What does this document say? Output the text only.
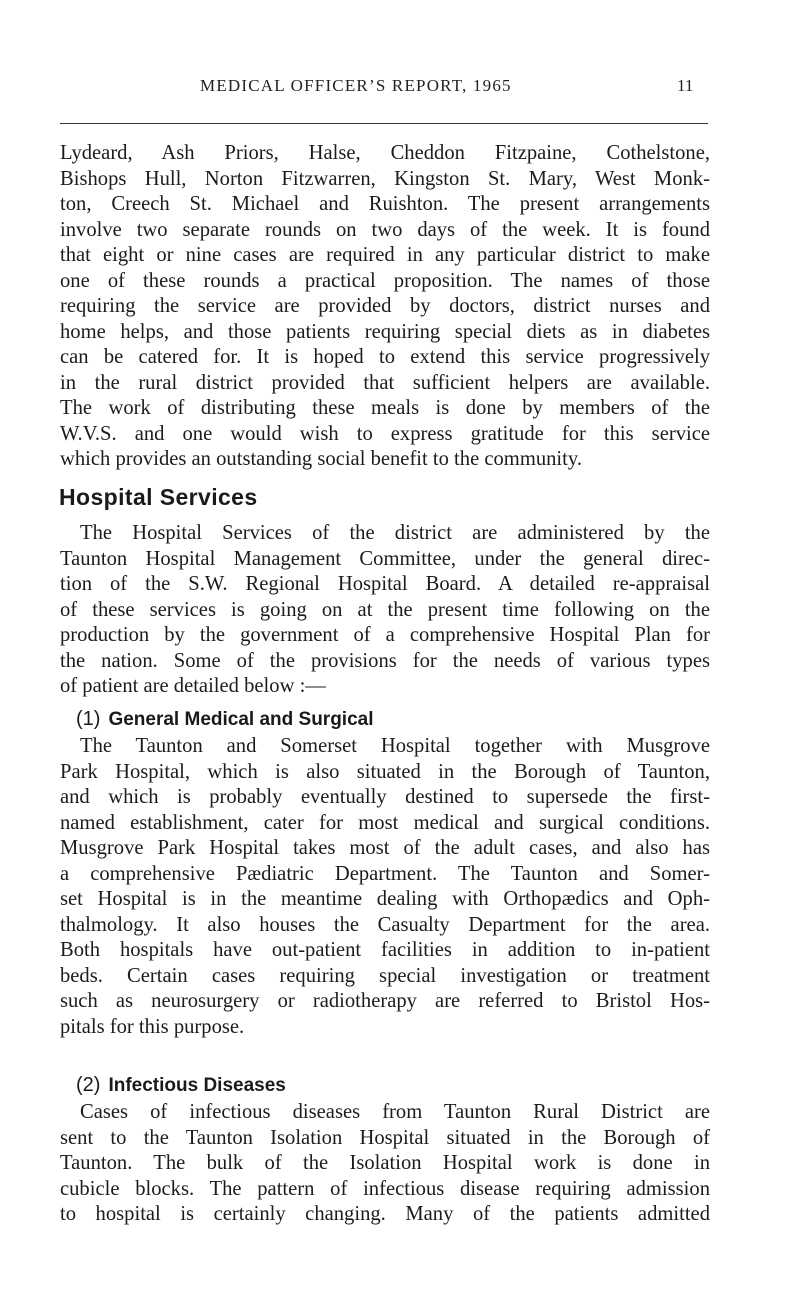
MEDICAL OFFICER’S REPORT, 1965	11
Lydeard, Ash Priors, Halse, Cheddon Fitzpaine, Cothelstone,
Bishops Hull, Norton Fitzwarren, Kingston St. Mary, West Monk-
ton, Creech St. Michael and Ruishton. The present arrangements
involve two separate rounds on two days of the week. It is found
that eight or nine cases are required in any particular district to make
one of these rounds a practical proposition. The names of those
requiring the service are provided by doctors, district nurses and
home helps, and those patients requiring special diets as in diabetes
can be catered for. It is hoped to extend this service progressively
in the rural district provided that sufficient helpers are available.
The work of distributing these meals is done by members of the
W.V.S. and one would wish to express gratitude for this service
which provides an outstanding social benefit to the community.
Hospital Services
The Hospital Services of the district are administered by the
Taunton Hospital Management Committee, under the general direc-
tion of the S.W. Regional Hospital Board. A detailed re-appraisal
of these services is going on at the present time following on the
production by the government of a comprehensive Hospital Plan for
the nation. Some of the provisions for the needs of various types
of patient are detailed below :—
(1) General Medical and Surgical
The Taunton and Somerset Hospital together with Musgrove
Park Hospital, which is also situated in the Borough of Taunton,
and which is probably eventually destined to supersede the first-
named establishment, cater for most medical and surgical conditions.
Musgrove Park Hospital takes most of the adult cases, and also has
a comprehensive Pædiatric Department. The Taunton and Somer-
set Hospital is in the meantime dealing with Orthopædics and Oph-
thalmology. It also houses the Casualty Department for the area.
Both hospitals have out-patient facilities in addition to in-patient
beds. Certain cases requiring special investigation or treatment
such as neurosurgery or radiotherapy are referred to Bristol Hos-
pitals for this purpose.
(2) Infectious Diseases
Cases of infectious diseases from Taunton Rural District are
sent to the Taunton Isolation Hospital situated in the Borough of
Taunton. The bulk of the Isolation Hospital work is done in
cubicle blocks. The pattern of infectious disease requiring admission
to hospital is certainly changing. Many of the patients admitted
